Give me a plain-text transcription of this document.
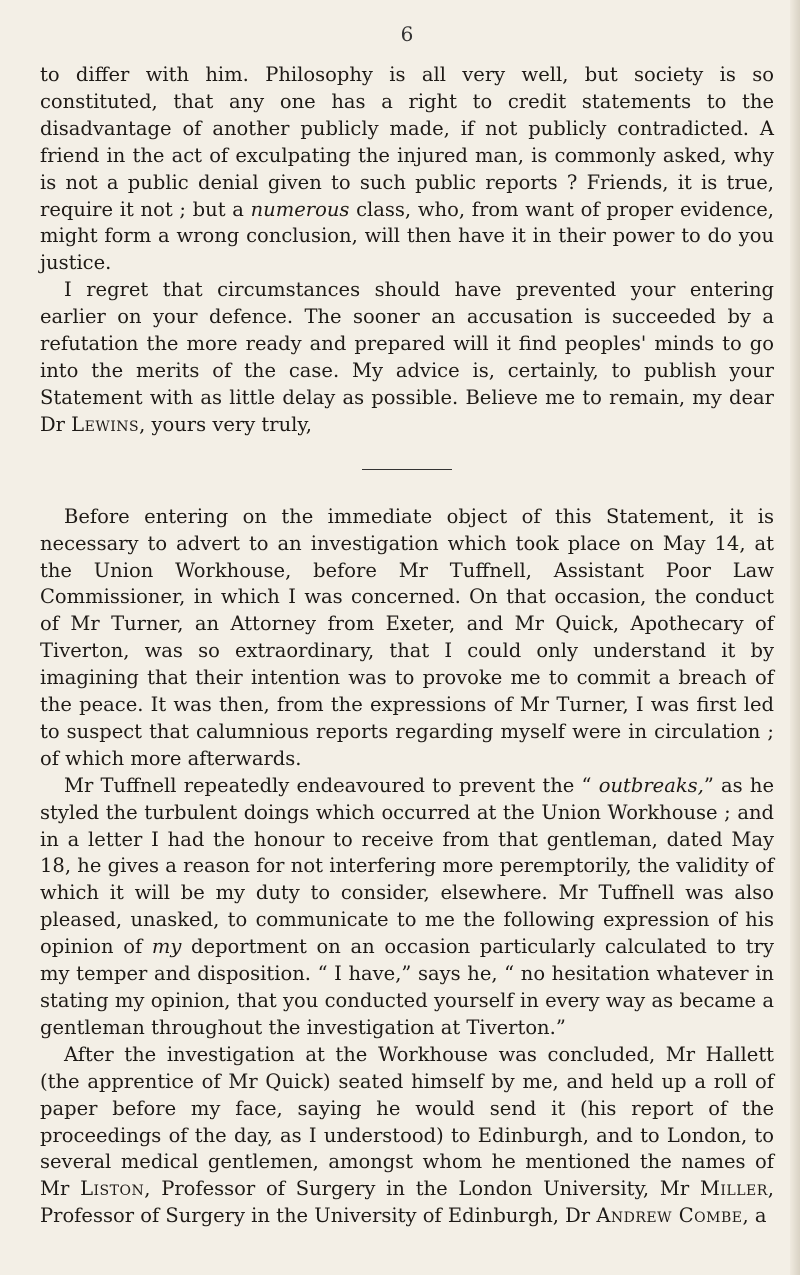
6

to differ with him. Philosophy is all very well, but society is so constituted, that any one has a right to credit statements to the disadvantage of another publicly made, if not publicly contradicted. A friend in the act of exculpating the injured man, is commonly asked, why is not a public denial given to such public reports ? Friends, it is true, require it not ; but a numerous class, who, from want of proper evidence, might form a wrong conclusion, will then have it in their power to do you justice.

I regret that circumstances should have prevented your entering earlier on your defence. The sooner an accusation is succeeded by a refutation the more ready and prepared will it find peoples' minds to go into the merits of the case. My advice is, certainly, to publish your Statement with as little delay as possible. Believe me to remain, my dear Dr Lewins, yours very truly,

Before entering on the immediate object of this Statement, it is necessary to advert to an investigation which took place on May 14, at the Union Workhouse, before Mr Tuffnell, Assistant Poor Law Commissioner, in which I was concerned. On that occasion, the conduct of Mr Turner, an Attorney from Exeter, and Mr Quick, Apothecary of Tiverton, was so extraordinary, that I could only understand it by imagining that their intention was to provoke me to commit a breach of the peace. It was then, from the expressions of Mr Turner, I was first led to suspect that calumnious reports regarding myself were in circulation ; of which more afterwards.

Mr Tuffnell repeatedly endeavoured to prevent the “ outbreaks,” as he styled the turbulent doings which occurred at the Union Workhouse ; and in a letter I had the honour to receive from that gentleman, dated May 18, he gives a reason for not interfering more peremptorily, the validity of which it will be my duty to consider, elsewhere. Mr Tuffnell was also pleased, unasked, to communicate to me the following expression of his opinion of my deportment on an occasion particularly calculated to try my temper and disposition. “ I have,” says he, “ no hesitation whatever in stating my opinion, that you conducted yourself in every way as became a gentleman throughout the investigation at Tiverton.”

After the investigation at the Workhouse was concluded, Mr Hallett (the apprentice of Mr Quick) seated himself by me, and held up a roll of paper before my face, saying he would send it (his report of the proceedings of the day, as I understood) to Edinburgh, and to London, to several medical gentlemen, amongst whom he mentioned the names of Mr Liston, Professor of Surgery in the London University, Mr Miller, Professor of Surgery in the University of Edinburgh, Dr Andrew Combe, a
